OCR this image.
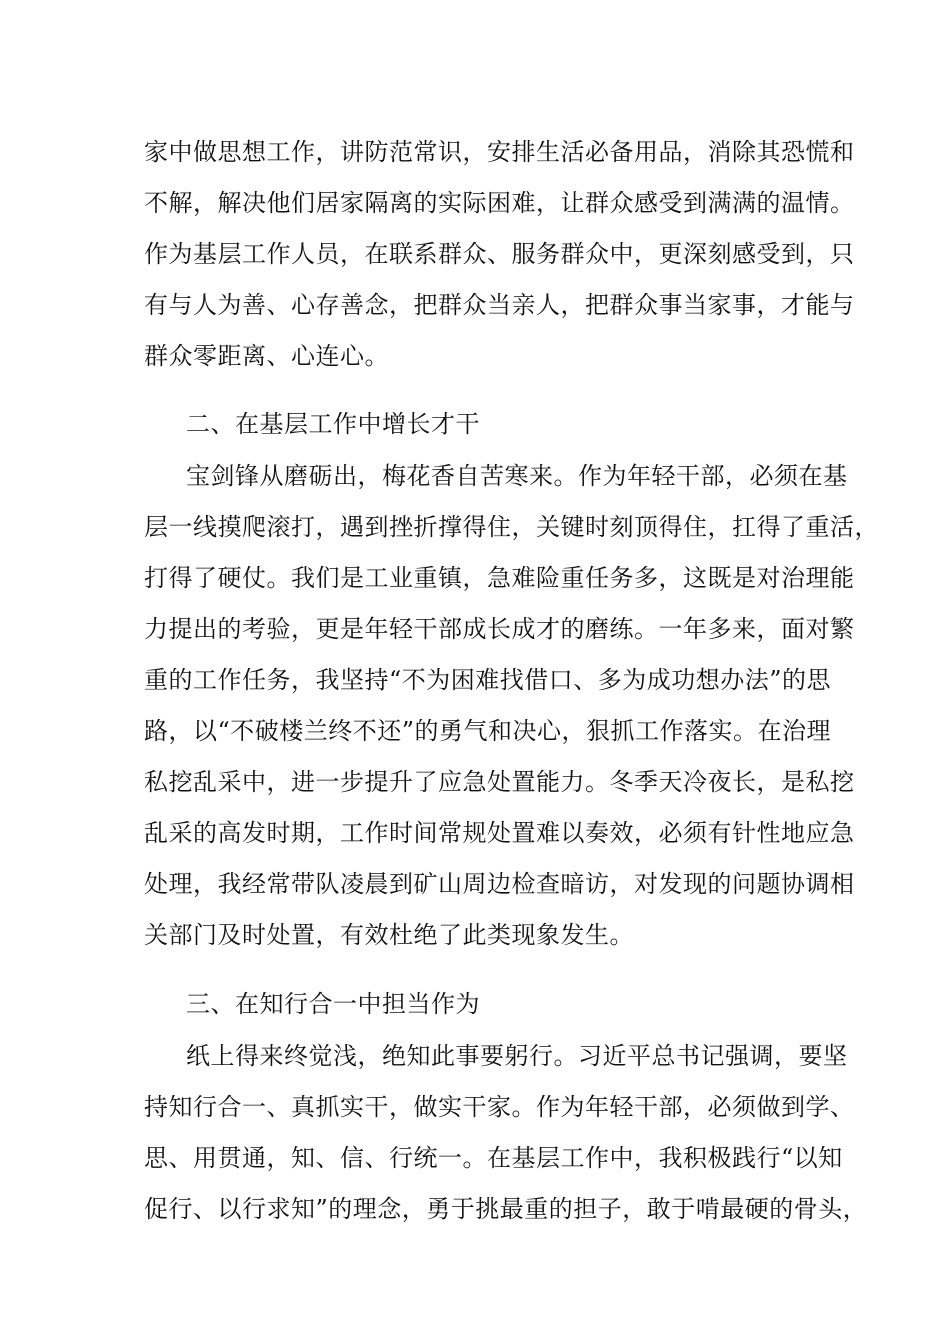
家中做思想工作，讲防范常识，安排生活必备用品，消除其恐慌和
不解，解决他们居家隔离的实际困难，让群众感受到满满的温情。
作为基层工作人员，在联系群众、服务群众中，更深刻感受到，只
有与人为善、心存善念，把群众当亲人，把群众事当家事，才能与
群众零距离、心连心。
二、在基层工作中增长才干
宝剑锋从磨砺出，梅花香自苦寒来。作为年轻干部，必须在基
层一线摸爬滚打，遇到挫折撑得住，关键时刻顶得住，扛得了重活，
打得了硬仗。我们是工业重镇，急难险重任务多，这既是对治理能
力提出的考验，更是年轻干部成长成才的磨练。一年多来，面对繁
重的工作任务，我坚持“不为困难找借口、多为成功想办法”的思
路，以“不破楼兰终不还”的勇气和决心，狠抓工作落实。在治理
私挖乱采中，进一步提升了应急处置能力。冬季天冷夜长，是私挖
乱采的高发时期，工作时间常规处置难以奏效，必须有针性地应急
处理，我经常带队凌晨到矿山周边检查暗访，对发现的问题协调相
关部门及时处置，有效杜绝了此类现象发生。
三、在知行合一中担当作为
纸上得来终觉浅，绝知此事要躬行。习近平总书记强调，要坚
持知行合一、真抓实干，做实干家。作为年轻干部，必须做到学、
思、用贯通，知、信、行统一。在基层工作中，我积极践行“以知
促行、以行求知”的理念，勇于挑最重的担子，敢于啃最硬的骨头，
